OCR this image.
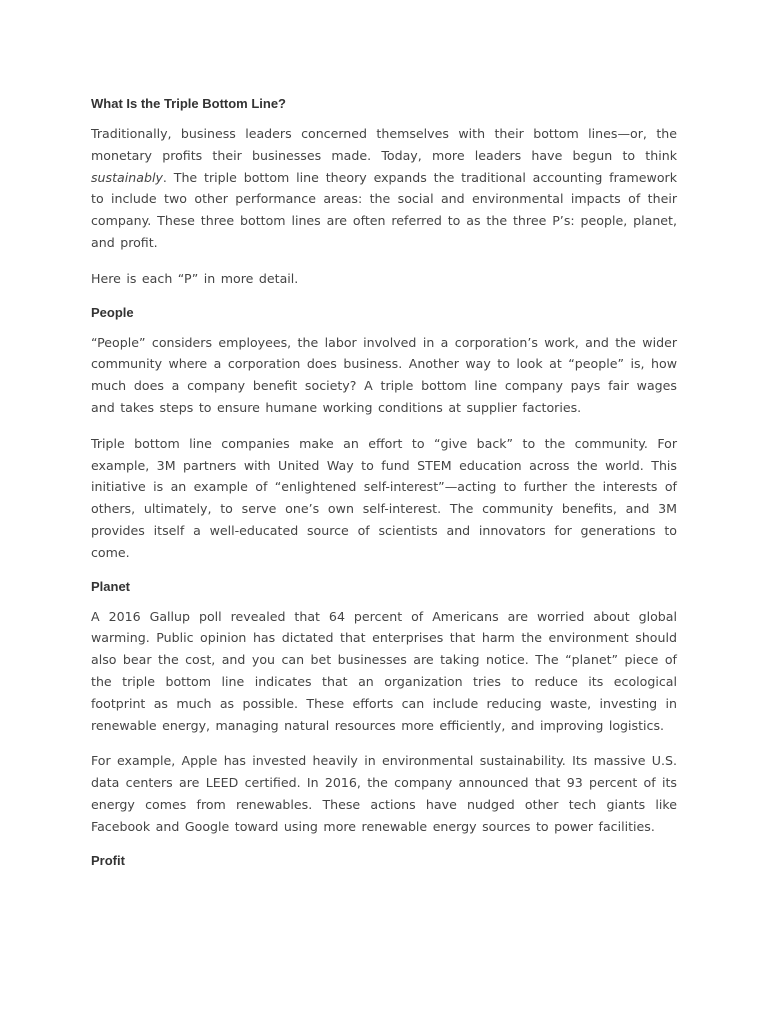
What Is the Triple Bottom Line?

Traditionally, business leaders concerned themselves with their bottom lines—or, the monetary profits their businesses made. Today, more leaders have begun to think sustainably. The triple bottom line theory expands the traditional accounting framework to include two other performance areas: the social and environmental impacts of their company. These three bottom lines are often referred to as the three P’s: people, planet, and profit.

Here is each “P” in more detail.

People

“People” considers employees, the labor involved in a corporation’s work, and the wider community where a corporation does business. Another way to look at “people” is, how much does a company benefit society? A triple bottom line company pays fair wages and takes steps to ensure humane working conditions at supplier factories.

Triple bottom line companies make an effort to “give back” to the community. For example, 3M partners with United Way to fund STEM education across the world. This initiative is an example of “enlightened self-interest”—acting to further the interests of others, ultimately, to serve one’s own self-interest. The community benefits, and 3M provides itself a well-educated source of scientists and innovators for generations to come.

Planet

A 2016 Gallup poll revealed that 64 percent of Americans are worried about global warming. Public opinion has dictated that enterprises that harm the environment should also bear the cost, and you can bet businesses are taking notice. The “planet” piece of the triple bottom line indicates that an organization tries to reduce its ecological footprint as much as possible. These efforts can include reducing waste, investing in renewable energy, managing natural resources more efficiently, and improving logistics.

For example, Apple has invested heavily in environmental sustainability. Its massive U.S. data centers are LEED certified. In 2016, the company announced that 93 percent of its energy comes from renewables. These actions have nudged other tech giants like Facebook and Google toward using more renewable energy sources to power facilities.

Profit
